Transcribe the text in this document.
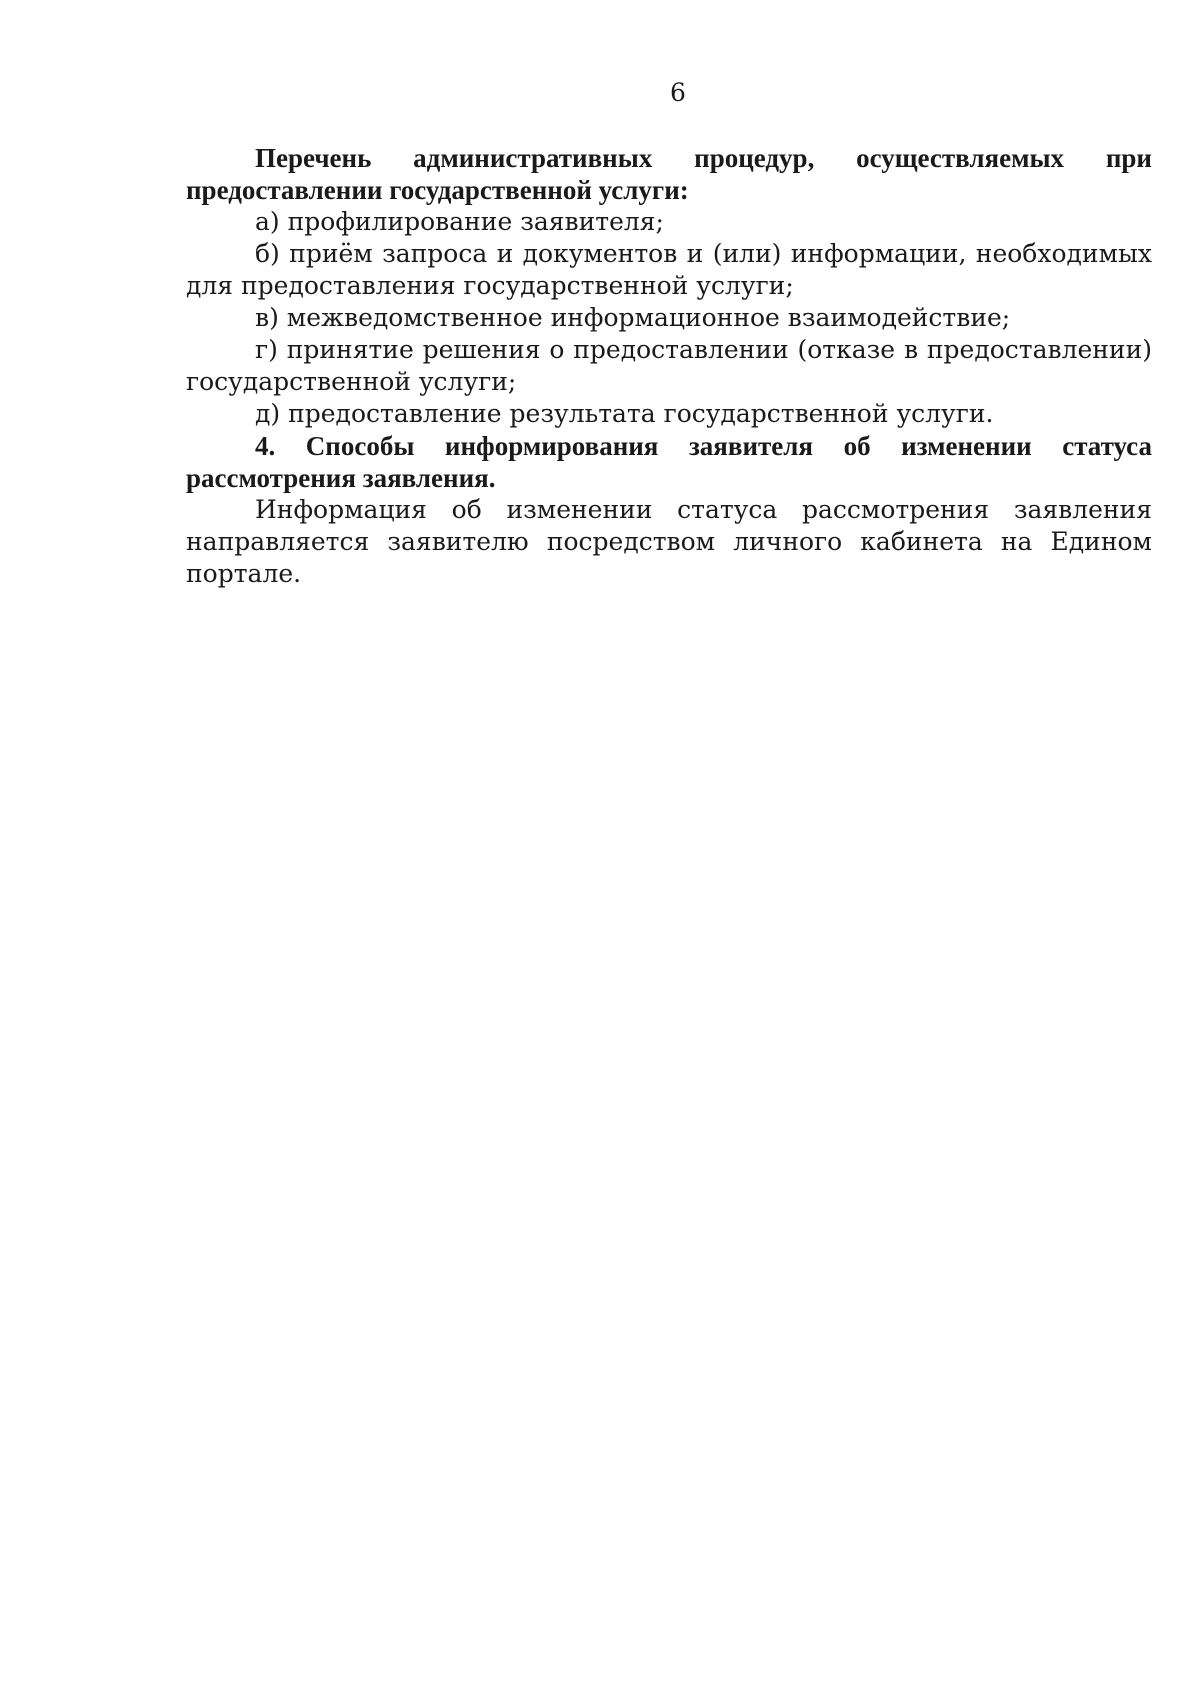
6

Перечень административных процедур, осуществляемых при предоставлении государственной услуги:

а) профилирование заявителя;

б) приём запроса и документов и (или) информации, необходимых для предоставления государственной услуги;

в) межведомственное информационное взаимодействие;

г) принятие решения о предоставлении (отказе в предоставлении) государственной услуги;

д) предоставление результата государственной услуги.

4. Способы информирования заявителя об изменении статуса рассмотрения заявления.

Информация об изменении статуса рассмотрения заявления направляется заявителю посредством личного кабинета на Едином портале.
